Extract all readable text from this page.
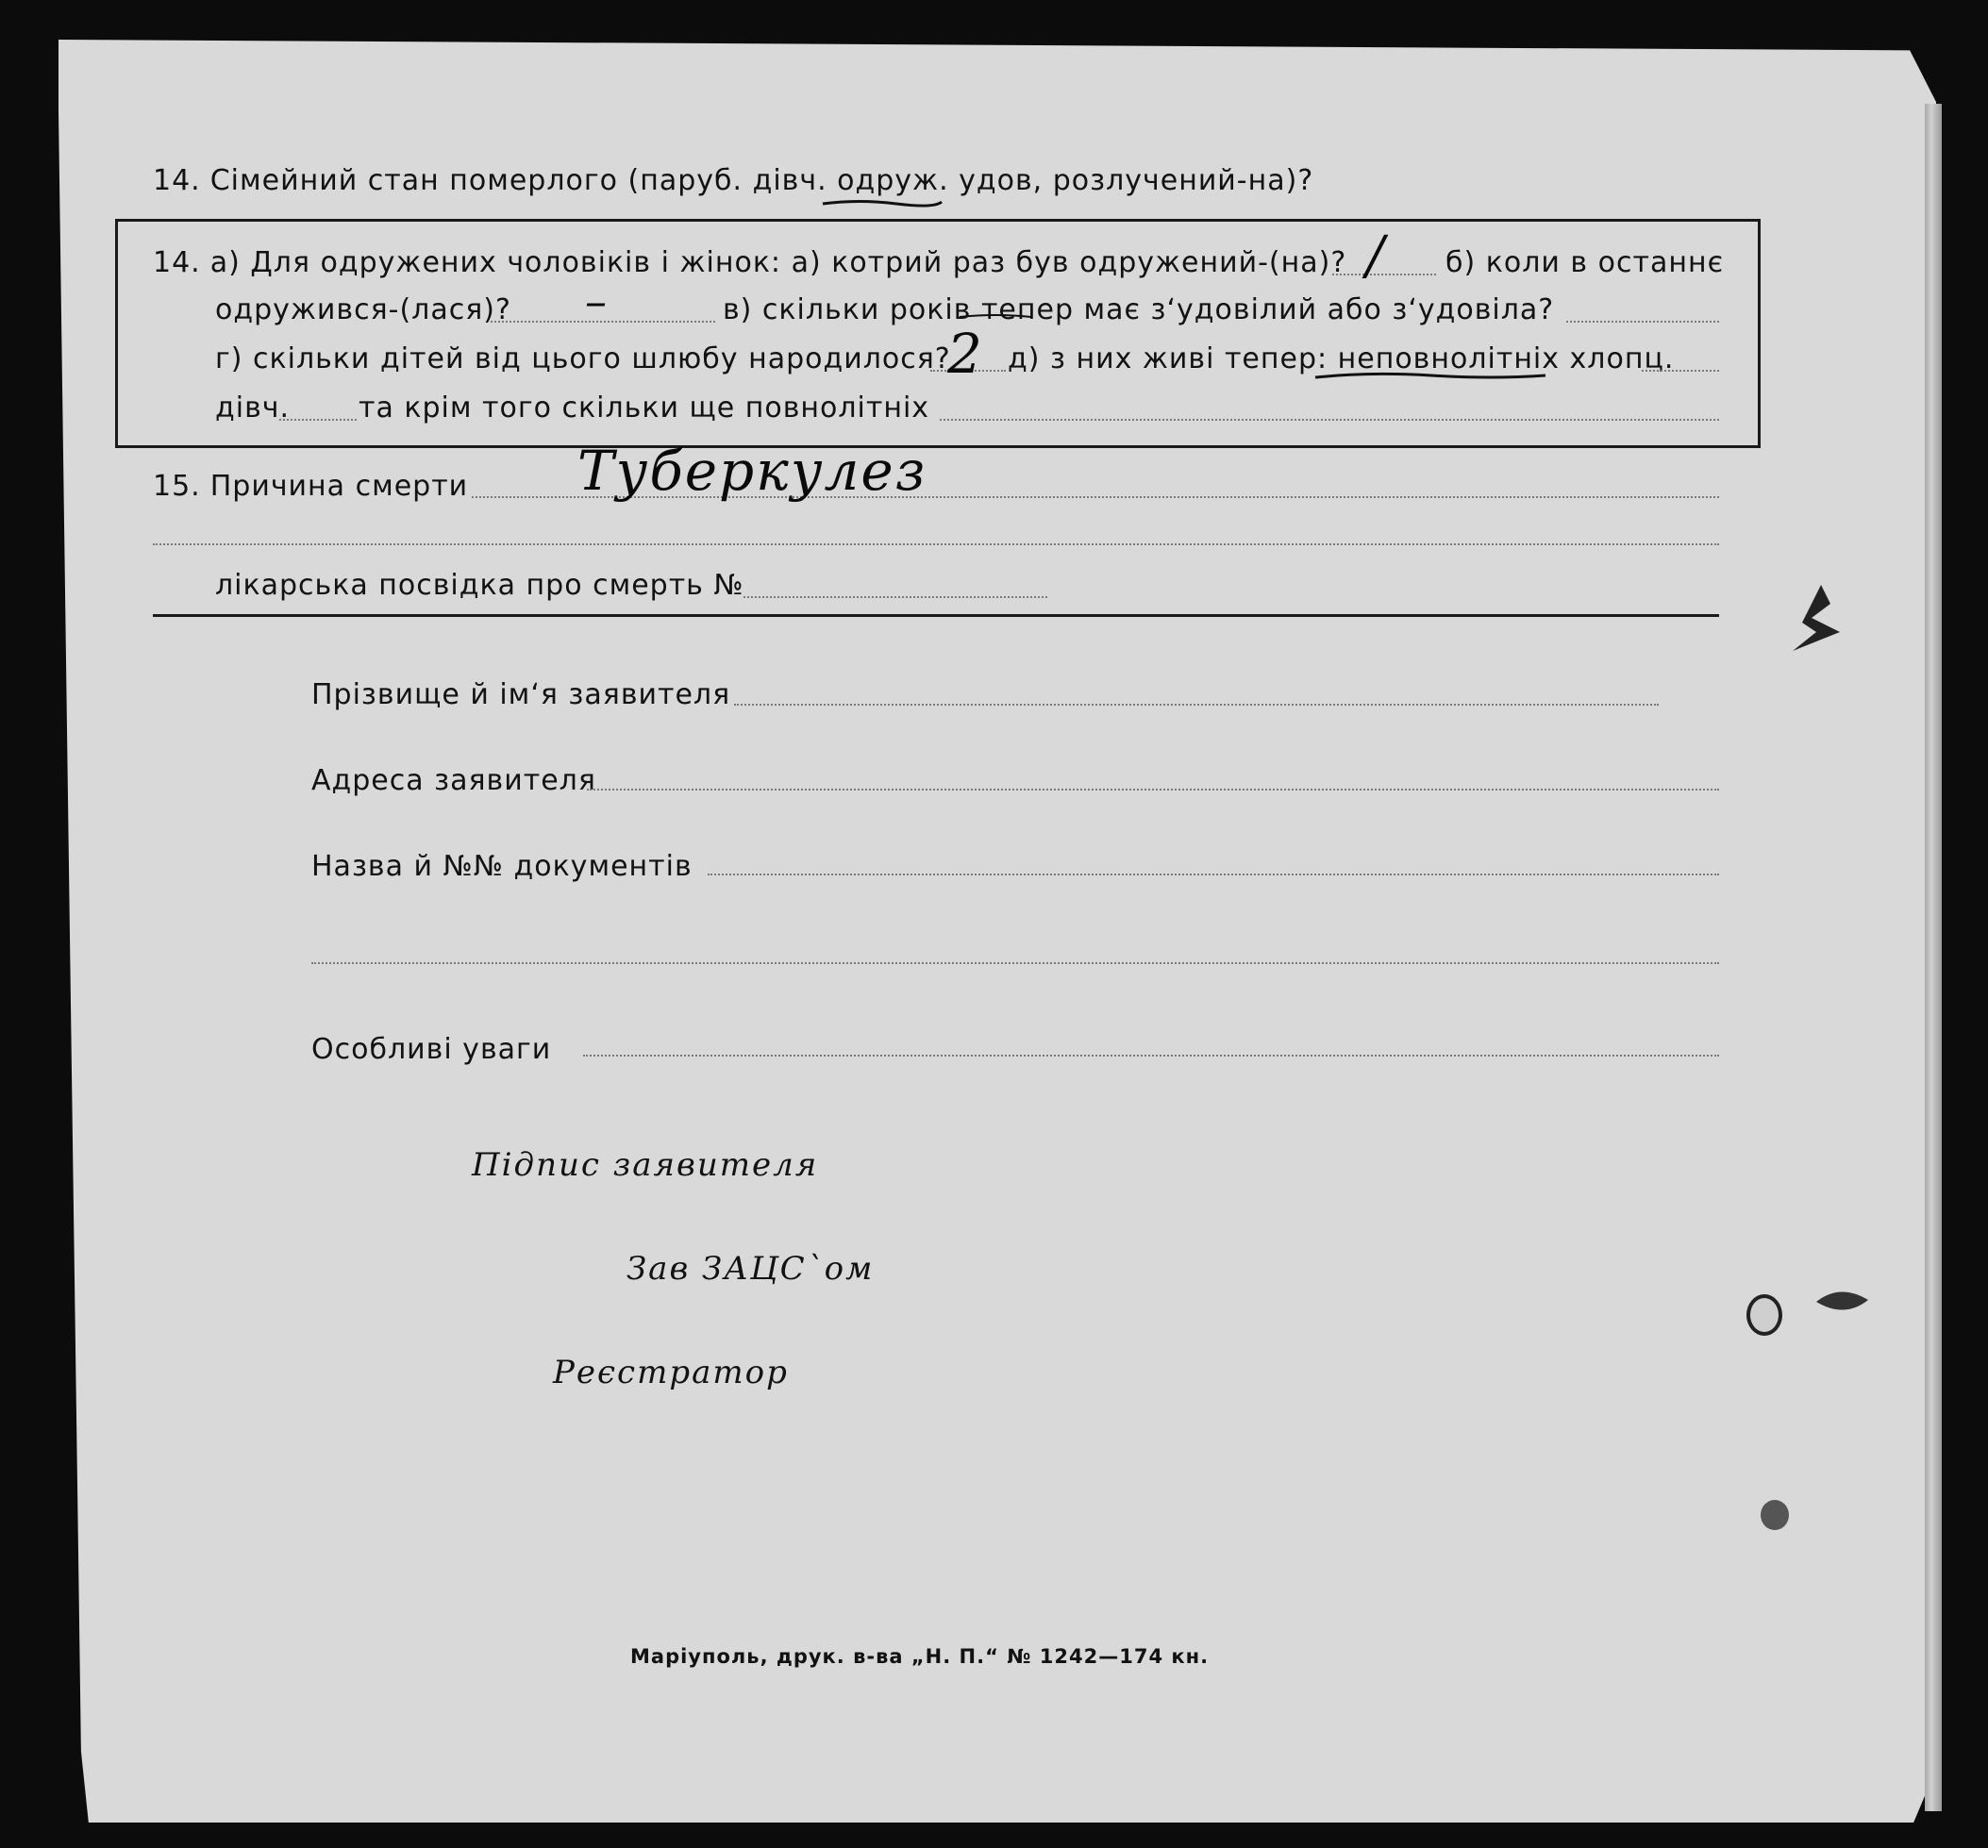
14. Сімейний стан померлого (паруб. дівч. одруж. удов, розлучений-на)?
14. а) Для одружених чоловіків і жінок: а) котрий раз був одружений-(на)? / б) коли в останнє
одружився-(лася)? –	в) скільки років тепер має з‘удовілий або з‘удовіла?
г) скільки дітей від цього шлюбу народилося?
2 д) з них живі тепер: неповнолітніх хлопц.
дівч. та крім того скільки ще повнолітніх
15. Причина смерти Туберкулез
лікарська посвідка про смерть №
Прізвище й ім‘я заявителя
Адреса заявителя
Назва й №№ документів
Особливі уваги
Підпис заявителя
Зав ЗАЦС`ом
Реєстратор
Маріуполь, друк. в-ва „Н. П.“ № 1242—174 кн.
